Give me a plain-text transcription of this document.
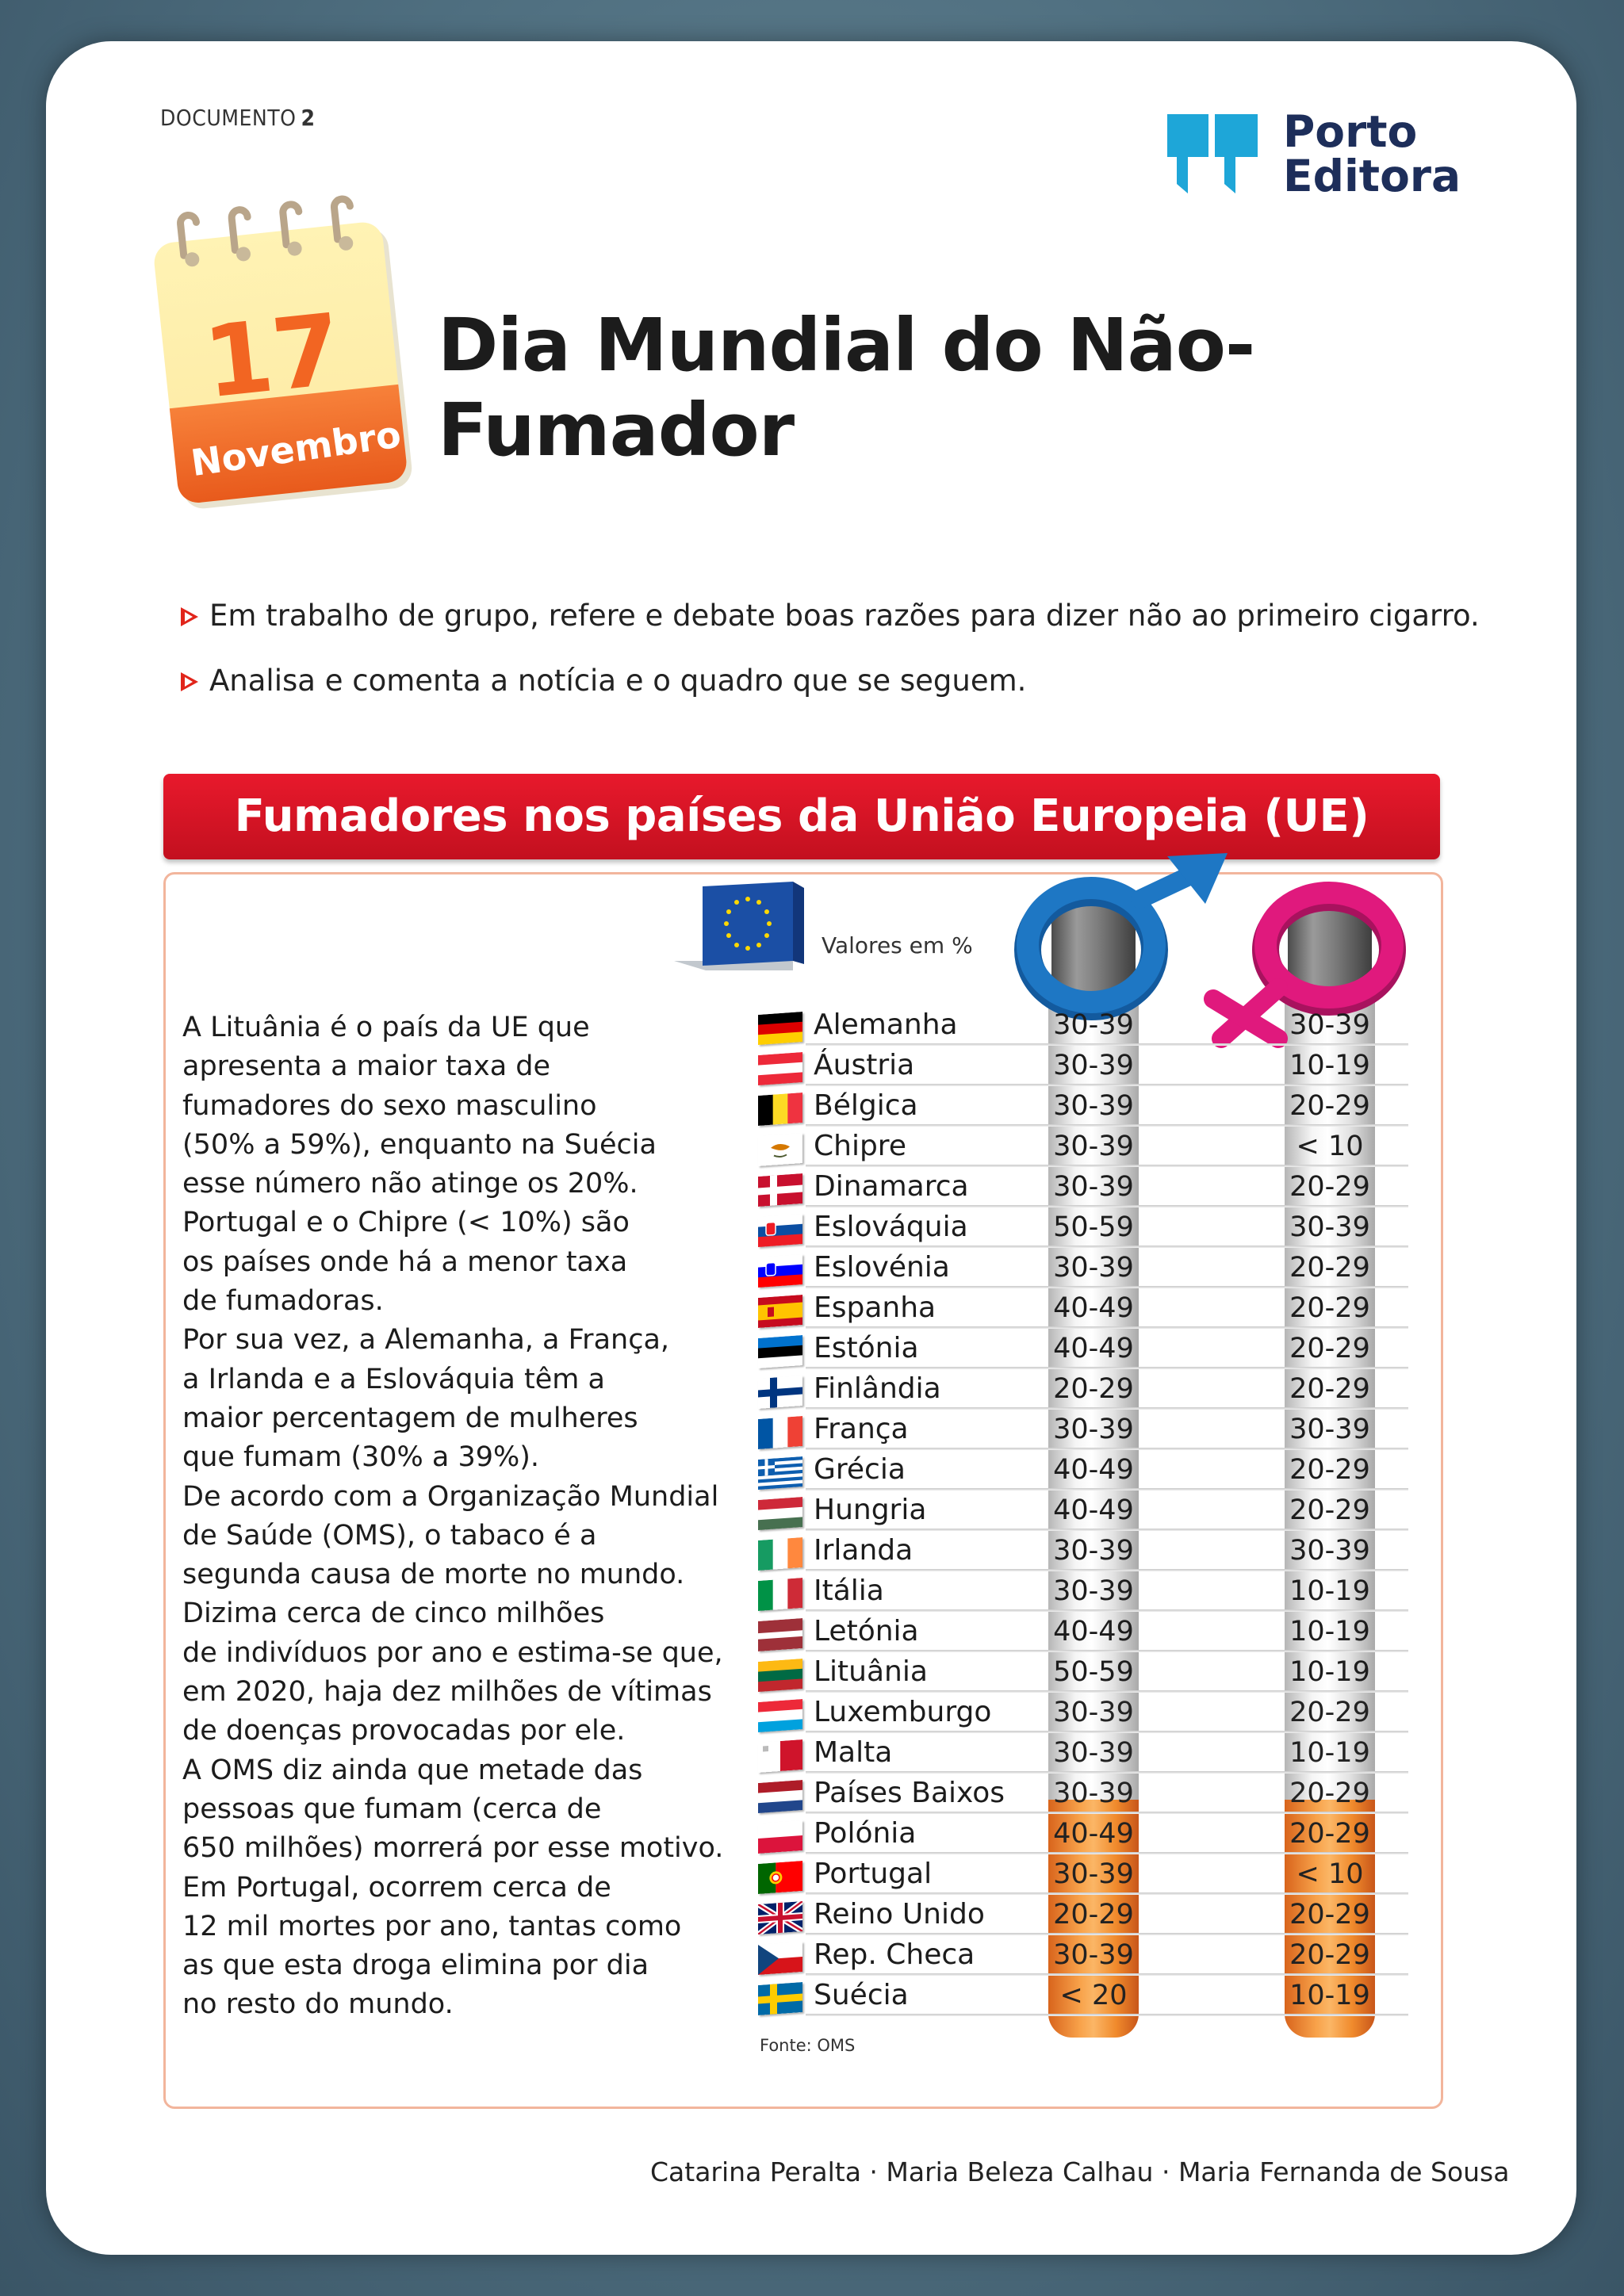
DOCUMENTO 2	Porto
Editora
17
Novembro
Dia Mundial do Não-Fumador
Em trabalho de grupo, refere e debate boas razões para dizer não ao primeiro cigarro.
Analisa e comenta a notícia e o quadro que se seguem.
Fumadores nos países da União Europeia (UE)
A Lituânia é o país da UE que
apresenta a maior taxa de
fumadores do sexo masculino
(50% a 59%), enquanto na Suécia
esse número não atinge os 20%.
Portugal e o Chipre (< 10%) são
os países onde há a menor taxa
de fumadoras.
Por sua vez, a Alemanha, a França,
a Irlanda e a Eslováquia têm a
maior percentagem de mulheres
que fumam (30% a 39%).
De acordo com a Organização Mundial
de Saúde (OMS), o tabaco é a
segunda causa de morte no mundo.
Dizima cerca de cinco milhões
de indivíduos por ano e estima-se que,
em 2020, haja dez milhões de vítimas
de doenças provocadas por ele.
A OMS diz ainda que metade das
pessoas que fumam (cerca de
650 milhões) morrerá por esse motivo.
Em Portugal, ocorrem cerca de
12 mil mortes por ano, tantas como
as que esta droga elimina por dia
no resto do mundo.
Valores em %
Alemanha
Áustria
Bélgica
Chipre
Dinamarca
Eslováquia
Eslovénia
Espanha
Estónia
Finlândia
França
Grécia
Hungria
Irlanda
Itália
Letónia
Lituânia
Luxemburgo
Malta
Países Baixos
Polónia
Portugal
Reino Unido
Rep. Checa
Suécia
30-39
30-39
30-39
30-39
30-39
50-59
30-39
40-49
40-49
20-29
30-39
40-49
40-49
30-39
30-39
40-49
50-59
30-39
30-39
30-39
40-49
30-39
20-29
30-39
< 20
30-39
10-19
20-29
< 10
20-29
30-39
20-29
20-29
20-29
20-29
30-39
20-29
20-29
30-39
10-19
10-19
10-19
20-29
10-19
20-29
20-29
< 10
20-29
20-29
10-19
Fonte: OMS
Catarina Peralta · Maria Beleza Calhau · Maria Fernanda de Sousa
